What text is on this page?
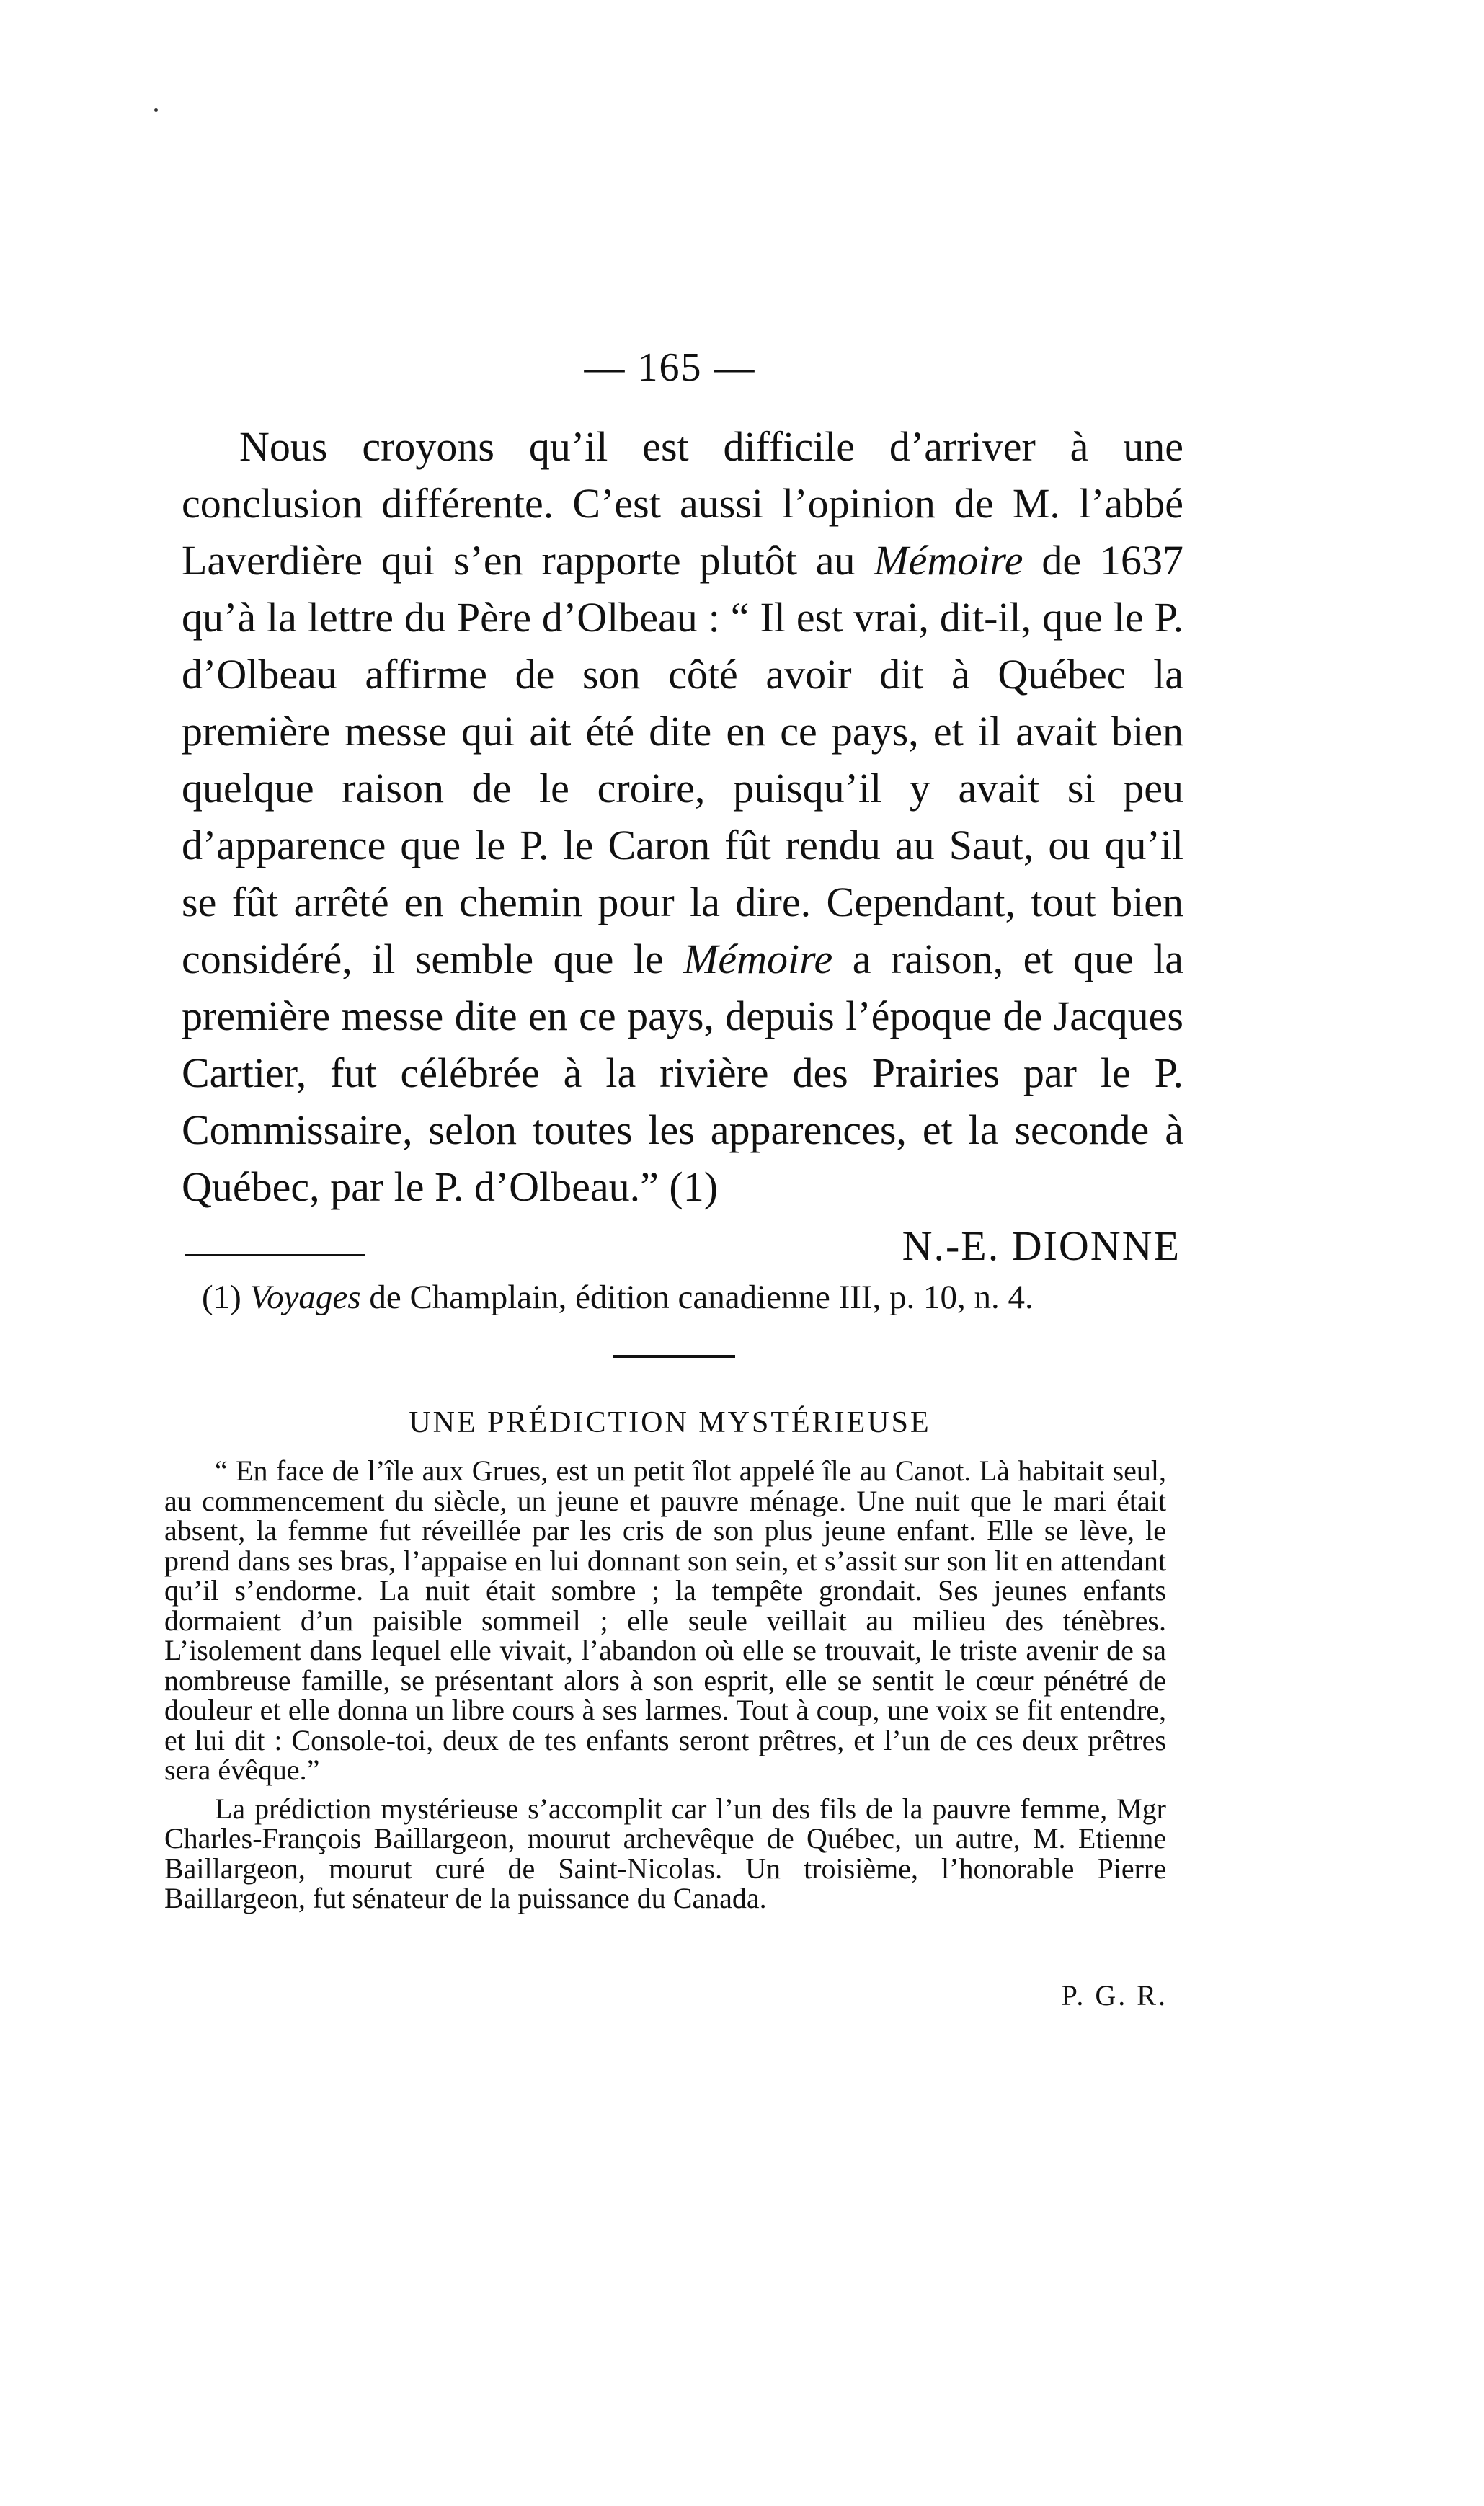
— 165 —

Nous croyons qu’il est difficile d’arriver à une conclusion différente. C’est aussi l’opinion de M. l’abbé Laverdière qui s’en rapporte plutôt au Mémoire de 1637 qu’à la lettre du Père d’Olbeau : “ Il est vrai, dit-il, que le P. d’Olbeau affirme de son côté avoir dit à Québec la première messe qui ait été dite en ce pays, et il avait bien quelque raison de le croire, puisqu’il y avait si peu d’apparence que le P. le Caron fût rendu au Saut, ou qu’il se fût arrêté en chemin pour la dire. Cependant, tout bien considéré, il semble que le Mémoire a raison, et que la première messe dite en ce pays, depuis l’époque de Jacques Cartier, fut célébrée à la rivière des Prairies par le P. Commissaire, selon toutes les apparences, et la seconde à Québec, par le P. d’Olbeau.” (1)

N.-E. DIONNE
(1) Voyages de Champlain, édition canadienne III, p. 10, n. 4.
UNE PRÉDICTION MYSTÉRIEUSE

“ En face de l’île aux Grues, est un petit îlot appelé île au Canot. Là habitait seul, au commencement du siècle, un jeune et pauvre ménage. Une nuit que le mari était absent, la femme fut réveillée par les cris de son plus jeune enfant. Elle se lève, le prend dans ses bras, l’appaise en lui donnant son sein, et s’assit sur son lit en attendant qu’il s’endorme. La nuit était sombre ; la tempête grondait. Ses jeunes enfants dormaient d’un paisible sommeil ; elle seule veillait au milieu des ténèbres. L’isolement dans lequel elle vivait, l’abandon où elle se trouvait, le triste avenir de sa nombreuse famille, se présentant alors à son esprit, elle se sentit le cœur pénétré de douleur et elle donna un libre cours à ses larmes. Tout à coup, une voix se fit entendre, et lui dit : Console-toi, deux de tes enfants seront prêtres, et l’un de ces deux prêtres sera évêque.”

La prédiction mystérieuse s’accomplit car l’un des fils de la pauvre femme, Mgr Charles-François Baillargeon, mourut archevêque de Québec, un autre, M. Etienne Baillargeon, mourut curé de Saint-Nicolas. Un troisième, l’honorable Pierre Baillargeon, fut sénateur de la puissance du Canada.

P. G. R.
